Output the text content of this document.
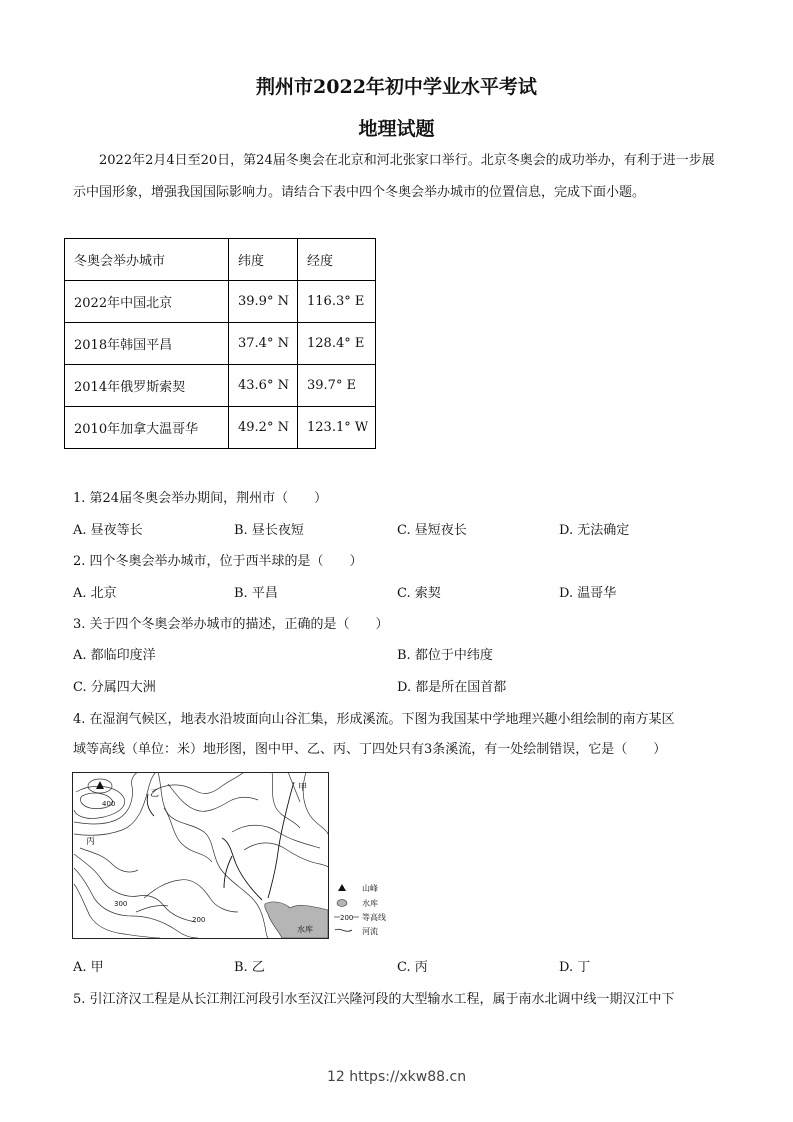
荆州市2022年初中学业水平考试
地理试题
2022年2月4日至20日，第24届冬奥会在北京和河北张家口举行。北京冬奥会的成功举办，有利于进一步展示中国形象，增强我国国际影响力。请结合下表中四个冬奥会举办城市的位置信息，完成下面小题。
冬奥会举办城市	纬度	经度
2022年中国北京	39.9° N	116.3° E
2018年韩国平昌	37.4° N	128.4° E
2014年俄罗斯索契	43.6° N	39.7° E
2010年加拿大温哥华	49.2° N	123.1° W
1. 第24届冬奥会举办期间，荆州市（　　）
A. 昼夜等长	B. 昼长夜短	C. 昼短夜长	D. 无法确定
2. 四个冬奥会举办城市，位于西半球的是（　　）
A. 北京	B. 平昌	C. 索契	D. 温哥华
3. 关于四个冬奥会举办城市的描述，正确的是（　　）
A. 都临印度洋	B. 都位于中纬度
C. 分属四大洲	D. 都是所在国首都
4. 在湿润气候区，地表水沿坡面向山谷汇集，形成溪流。下图为我国某中学地理兴趣小组绘制的南方某区
域等高线（单位：米）地形图，图中甲、乙、丙、丁四处只有3条溪流，有一处绘制错误，它是（　　）
水库
400
300
200
乙
甲
丙
山峰
水库
200 等高线
河流
A. 甲	B. 乙	C. 丙	D. 丁
5. 引江济汉工程是从长江荆江河段引水至汉江兴隆河段的大型输水工程，属于南水北调中线一期汉江中下
12 https://xkw88.cn
